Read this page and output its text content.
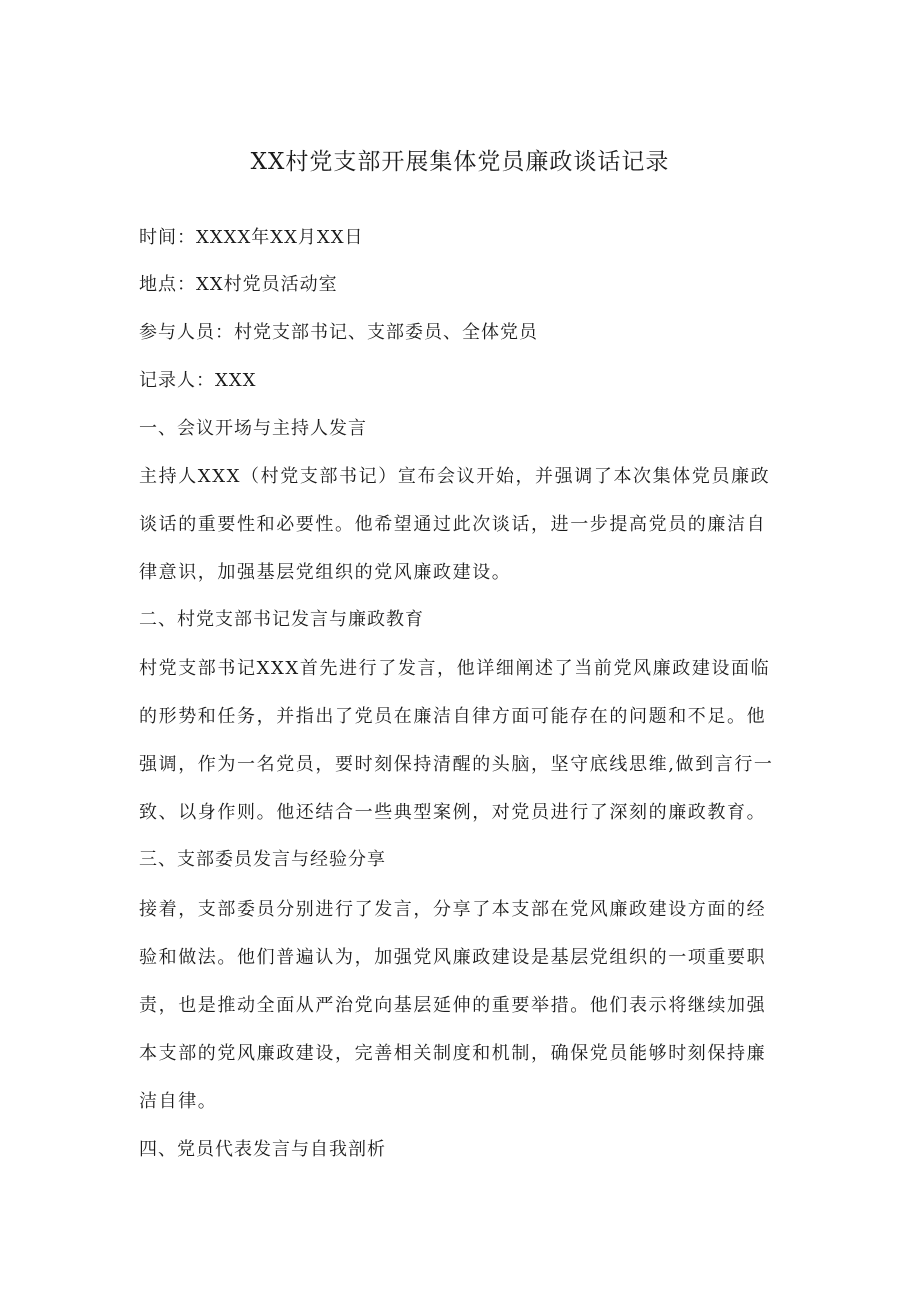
XX村党支部开展集体党员廉政谈话记录
时间：XXXX年XX月XX日
地点：XX村党员活动室
参与人员：村党支部书记、支部委员、全体党员
记录人：XXX
一、会议开场与主持人发言
主持人XXX（村党支部书记）宣布会议开始，并强调了本次集体党员廉政
谈话的重要性和必要性。他希望通过此次谈话，进一步提高党员的廉洁自
律意识，加强基层党组织的党风廉政建设。
二、村党支部书记发言与廉政教育
村党支部书记XXX首先进行了发言，他详细阐述了当前党风廉政建设面临
的形势和任务，并指出了党员在廉洁自律方面可能存在的问题和不足。他
强调，作为一名党员，要时刻保持清醒的头脑，坚守底线思维,做到言行一
致、以身作则。他还结合一些典型案例，对党员进行了深刻的廉政教育。
三、支部委员发言与经验分享
接着，支部委员分别进行了发言，分享了本支部在党风廉政建设方面的经
验和做法。他们普遍认为，加强党风廉政建设是基层党组织的一项重要职
责，也是推动全面从严治党向基层延伸的重要举措。他们表示将继续加强
本支部的党风廉政建设，完善相关制度和机制，确保党员能够时刻保持廉
洁自律。
四、党员代表发言与自我剖析
